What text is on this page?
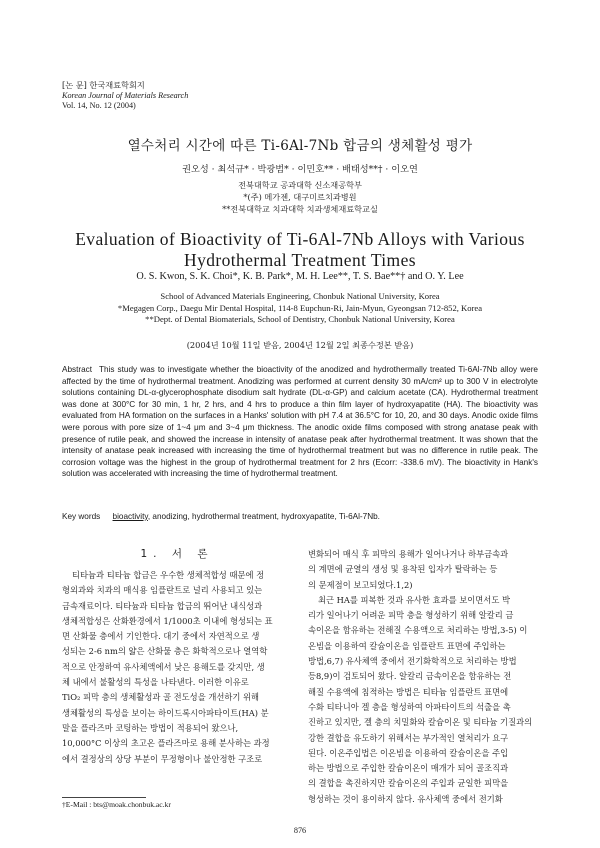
[논 문] 한국재료학회지
Korean Journal of Materials Research
Vol. 14, No. 12 (2004)
열수처리 시간에 따른 Ti-6Al-7Nb 합금의 생체활성 평가
권오성 · 최석규* · 박광범* · 이민호** · 배태성**† · 이오연
전북대학교 공과대학 신소재공학부
*(주) 메가젠, 대구미르치과병원
**전북대학교 치과대학 치과생체재료학교실
Evaluation of Bioactivity of Ti-6Al-7Nb Alloys with Various
Hydrothermal Treatment Times
O. S. Kwon, S. K. Choi*, K. B. Park*, M. H. Lee**, T. S. Bae**† and O. Y. Lee
School of Advanced Materials Engineering, Chonbuk National University, Korea
*Megagen Corp., Daegu Mir Dental Hospital, 114-8 Eupchun-Ri, Jain-Myun, Gyeongsan 712-852, Korea
**Dept. of Dental Biomaterials, School of Dentistry, Chonbuk National University, Korea
(2004년 10월 11일 받음, 2004년 12월 2일 최종수정본 받음)
Abstract This study was to investigate whether the bioactivity of the anodized and hydrothermally treated Ti-6Al-7Nb alloy were affected by the time of hydrothermal treatment. Anodizing was performed at current density 30 mA/cm² up to 300 V in electrolyte solutions containing DL-α-glycerophosphate disodium salt hydrate (DL-α-GP) and calcium acetate (CA). Hydrothermal treatment was done at 300°C for 30 min, 1 hr, 2 hrs, and 4 hrs to produce a thin film layer of hydroxyapatite (HA). The bioactivity was evaluated from HA formation on the surfaces in a Hanks' solution with pH 7.4 at 36.5°C for 10, 20, and 30 days. Anodic oxide films were porous with pore size of 1~4 μm and 3~4 μm thickness. The anodic oxide films composed with strong anatase peak with presence of rutile peak, and showed the increase in intensity of anatase peak after hydrothermal treatment. It was shown that the intensity of anatase peak increased with increasing the time of hydrothermal treatment but was no difference in rutile peak. The corrosion voltage was the highest in the group of hydrothermal treatment for 2 hrs (Ecorr: -338.6 mV). The bioactivity in Hank's solution was accelerated with increasing the time of hydrothermal treatment.
Key words bioactivity, anodizing, hydrothermal treatment, hydroxyapatite, Ti-6Al-7Nb.
1. 서 론
티타늄과 티타늄 합금은 우수한 생체적합성 때문에 정
형외과와 치과의 매식용 임플란트로 널리 사용되고 있는
금속재료이다. 티타늄과 티타늄 합금의 뛰어난 내식성과
생체적합성은 산화환경에서 1/1000초 이내에 형성되는 표
면 산화물 층에서 기인한다. 대기 중에서 자연적으로 생
성되는 2-6 nm의 얇은 산화물 층은 화학적으로나 열역학
적으로 안정하여 유사체액에서 낮은 용해도를 갖지만, 생
체 내에서 불활성의 특성을 나타낸다. 이러한 이유로
TiO₂ 피막 층의 생체활성과 골 전도성을 개선하기 위해
생체활성의 특성을 보이는 하이드록시아파타이트(HA) 분
말을 플라즈마 코팅하는 방법이 적용되어 왔으나,
10,000°C 이상의 초고온 플라즈마로 용해 분사하는 과정
에서 결정상의 상당 부분이 무정형이나 불안정한 구조로
변화되어 매식 후 피막의 용해가 일어나거나 하부금속과
의 계면에 균열의 생성 및 용착된 입자가 탈락하는 등
의 문제점이 보고되었다.1,2)
최근 HA를 피복한 것과 유사한 효과를 보이면서도 박
리가 일어나기 어려운 피막 층을 형성하기 위해 알칼리 금
속이온을 함유하는 전해질 수용액으로 처리하는 방법,3-5) 이
온빔을 이용하여 칼슘이온을 임플란트 표면에 주입하는
방법,6,7) 유사체액 중에서 전기화학적으로 처리하는 방법
등8,9)이 검토되어 왔다. 알칼리 금속이온을 함유하는 전
해질 수용액에 침적하는 방법은 티타늄 임플란트 표면에
수화 티타니아 겔 층을 형성하여 아파타이트의 석출을 촉
진하고 있지만, 겔 층의 치밀화와 칼슘이온 및 티타늄 기질과의
강한 결합을 유도하기 위해서는 부가적인 열처리가 요구
된다. 이온주입법은 이온빔을 이용하여 칼슘이온을 주입
하는 방법으로 주입한 칼슘이온이 매개가 되어 골조직과
의 결합을 촉진하지만 칼슘이온의 주입과 균일한 피막을
형성하는 것이 용이하지 않다. 유사체액 중에서 전기화
†E-Mail : bts@moak.chonbuk.ac.kr
876
